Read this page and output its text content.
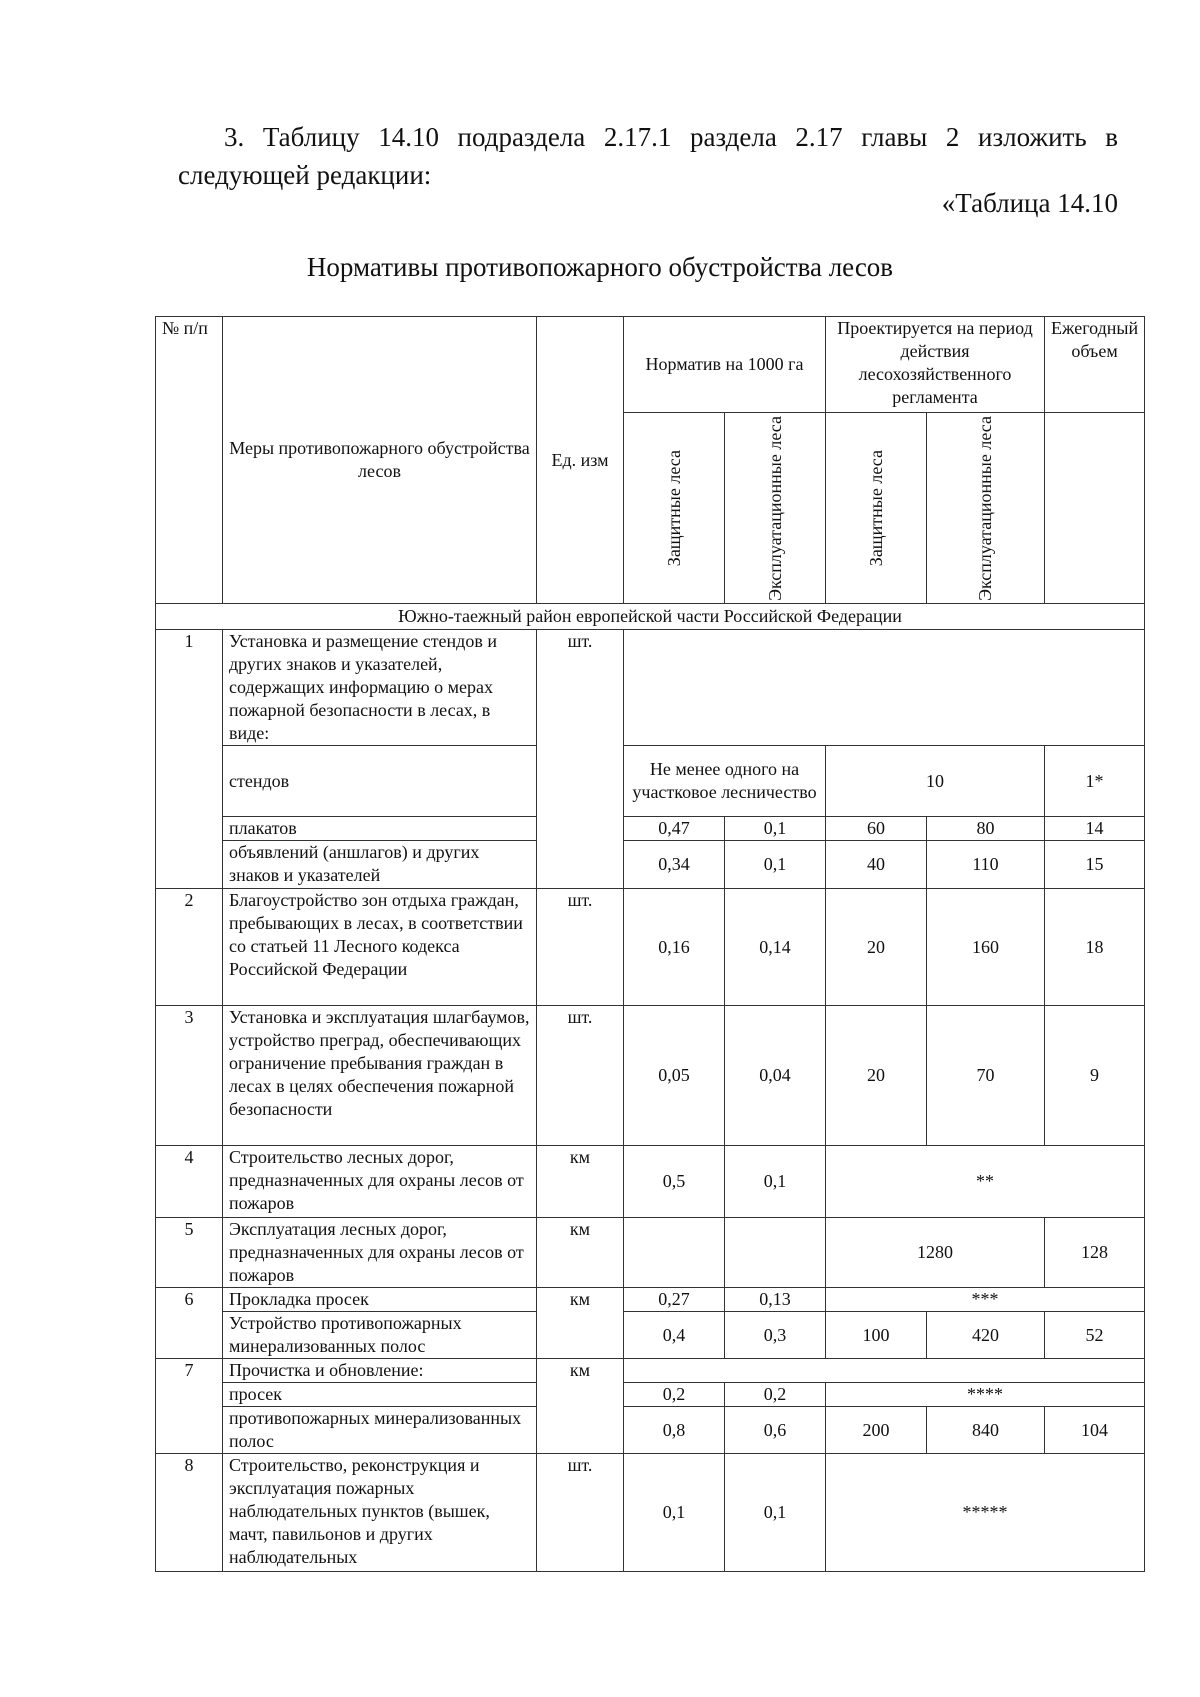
3. Таблицу 14.10 подраздела 2.17.1 раздела 2.17 главы 2 изложить в следующей редакции:
«Таблица 14.10
Нормативы противопожарного обустройства лесов
№ п/п	Меры противопожарного обустройства лесов	Ед. изм	Норматив на 1000 га		Проектируется на период действия лесохозяйственного регламента		Ежегодный объем

			Защитные леса	Эксплуатационные леса	Защитные леса	Эксплуатационные леса	

Южно-таежный район европейской части Российской Федерации							
1	Установка и размещение стендов и других знаков и указателей, содержащих информацию о мерах пожарной безопасности в лесах, в виде:	шт.					
	стендов		Не менее одного на участковое лесничество		10		1*
	плакатов		0,47	0,1	60	80	14
	объявлений (аншлагов) и других знаков и указателей		0,34	0,1	40	110	15
2	Благоустройство зон отдыха граждан, пребывающих в лесах, в соответствии со статьей 11 Лесного кодекса Российской Федерации	шт.	0,16	0,14	20	160	18
3	Установка и эксплуатация шлагбаумов, устройство преград, обеспечивающих ограничение пребывания граждан в лесах в целях обеспечения пожарной безопасности	шт.	0,05	0,04	20	70	9
4	Строительство лесных дорог, предназначенных для охраны лесов от пожаров	км	0,5	0,1	**		
5	Эксплуатация лесных дорог, предназначенных для охраны лесов от пожаров	км			1280		128
6	Прокладка просек	км	0,27	0,13	***		
	Устройство противопожарных минерализованных полос		0,4	0,3	100	420	52
7	Прочистка и обновление:	км					
	просек		0,2	0,2	****		
	противопожарных минерализованных полос		0,8	0,6	200	840	104
8	Строительство, реконструкция и эксплуатация пожарных наблюдательных пунктов (вышек, мачт, павильонов и других наблюдательных	шт.	0,1	0,1	*****		
